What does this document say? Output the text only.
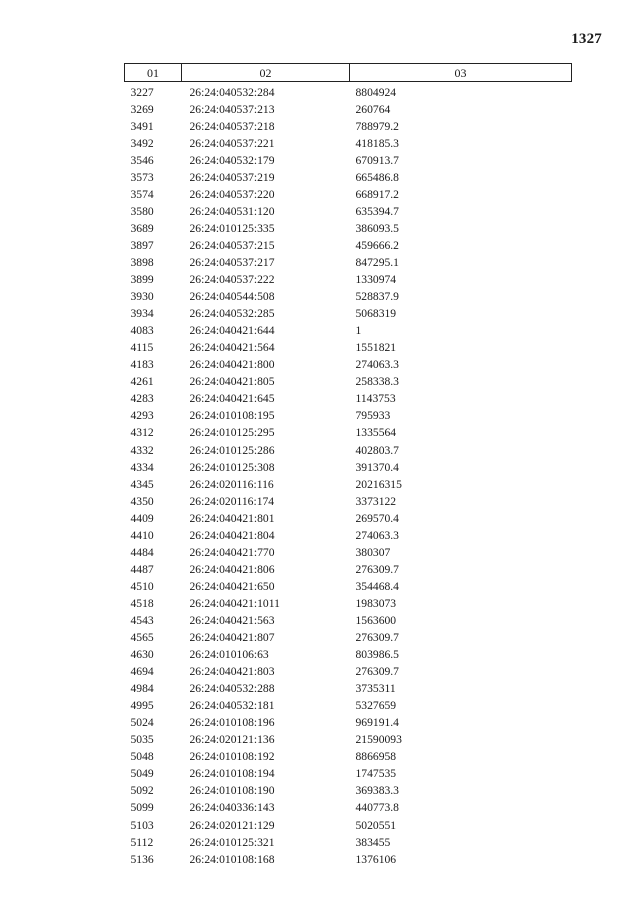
1327
01	02	03
3227	26:24:040532:284	8804924
3269	26:24:040537:213	260764
3491	26:24:040537:218	788979.2
3492	26:24:040537:221	418185.3
3546	26:24:040532:179	670913.7
3573	26:24:040537:219	665486.8
3574	26:24:040537:220	668917.2
3580	26:24:040531:120	635394.7
3689	26:24:010125:335	386093.5
3897	26:24:040537:215	459666.2
3898	26:24:040537:217	847295.1
3899	26:24:040537:222	1330974
3930	26:24:040544:508	528837.9
3934	26:24:040532:285	5068319
4083	26:24:040421:644	1
4115	26:24:040421:564	1551821
4183	26:24:040421:800	274063.3
4261	26:24:040421:805	258338.3
4283	26:24:040421:645	1143753
4293	26:24:010108:195	795933
4312	26:24:010125:295	1335564
4332	26:24:010125:286	402803.7
4334	26:24:010125:308	391370.4
4345	26:24:020116:116	20216315
4350	26:24:020116:174	3373122
4409	26:24:040421:801	269570.4
4410	26:24:040421:804	274063.3
4484	26:24:040421:770	380307
4487	26:24:040421:806	276309.7
4510	26:24:040421:650	354468.4
4518	26:24:040421:1011	1983073
4543	26:24:040421:563	1563600
4565	26:24:040421:807	276309.7
4630	26:24:010106:63	803986.5
4694	26:24:040421:803	276309.7
4984	26:24:040532:288	3735311
4995	26:24:040532:181	5327659
5024	26:24:010108:196	969191.4
5035	26:24:020121:136	21590093
5048	26:24:010108:192	8866958
5049	26:24:010108:194	1747535
5092	26:24:010108:190	369383.3
5099	26:24:040336:143	440773.8
5103	26:24:020121:129	5020551
5112	26:24:010125:321	383455
5136	26:24:010108:168	1376106
